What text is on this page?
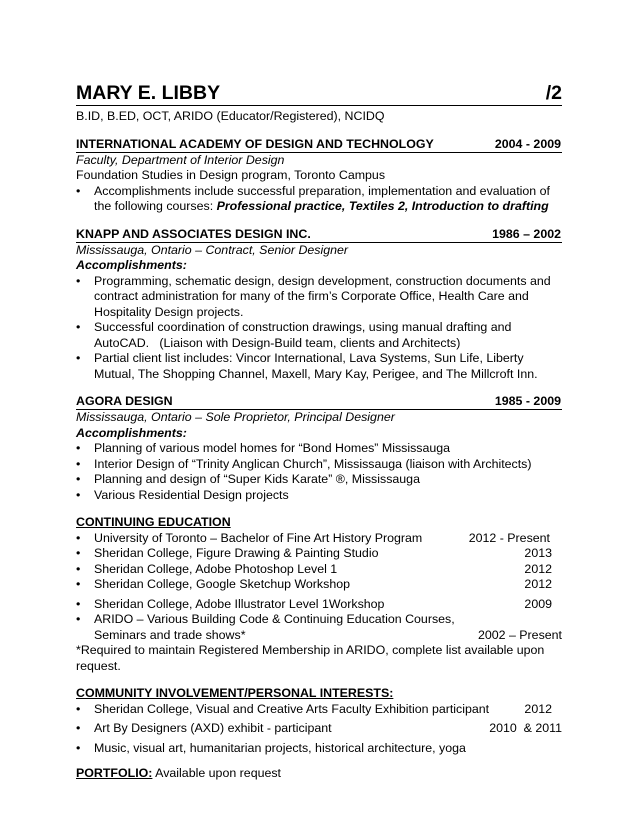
MARY E. LIBBY	/2
B.ID, B.ED, OCT, ARIDO (Educator/Registered), NCIDQ
INTERNATIONAL ACADEMY OF DESIGN AND TECHNOLOGY	2004 - 2009
Faculty, Department of Interior Design
Foundation Studies in Design program, Toronto Campus
•	Accomplishments include successful preparation, implementation and evaluation of
the following courses: Professional practice, Textiles 2, Introduction to drafting
KNAPP AND ASSOCIATES DESIGN INC.	1986 – 2002
Mississauga, Ontario – Contract, Senior Designer
Accomplishments:
•	Programming, schematic design, design development, construction documents and
contract administration for many of the firm’s Corporate Office, Health Care and
Hospitality Design projects.
•	Successful coordination of construction drawings, using manual drafting and
AutoCAD.   (Liaison with Design-Build team, clients and Architects)
•	Partial client list includes: Vincor International, Lava Systems, Sun Life, Liberty
Mutual, The Shopping Channel, Maxell, Mary Kay, Perigee, and The Millcroft Inn.
AGORA DESIGN	1985 - 2009
Mississauga, Ontario – Sole Proprietor, Principal Designer
Accomplishments:
•	Planning of various model homes for “Bond Homes” Mississauga
•	Interior Design of “Trinity Anglican Church”, Mississauga (liaison with Architects)
•	Planning and design of “Super Kids Karate” ®, Mississauga
•	Various Residential Design projects
CONTINUING EDUCATION
•	University of Toronto – Bachelor of Fine Art History Program	2012 - Present
•	Sheridan College, Figure Drawing & Painting Studio	2013
•	Sheridan College, Adobe Photoshop Level 1	2012
•	Sheridan College, Google Sketchup Workshop	2012
•	Sheridan College, Adobe Illustrator Level 1Workshop	2009
•	ARIDO – Various Building Code & Continuing Education Courses,
Seminars and trade shows*	2002 – Present
*Required to maintain Registered Membership in ARIDO, complete list available upon
request.
COMMUNITY INVOLVEMENT/PERSONAL INTERESTS:
•	Sheridan College, Visual and Creative Arts Faculty Exhibition participant	2012
•	Art By Designers (AXD) exhibit - participant	2010  & 2011
•	Music, visual art, humanitarian projects, historical architecture, yoga
PORTFOLIO: Available upon request
